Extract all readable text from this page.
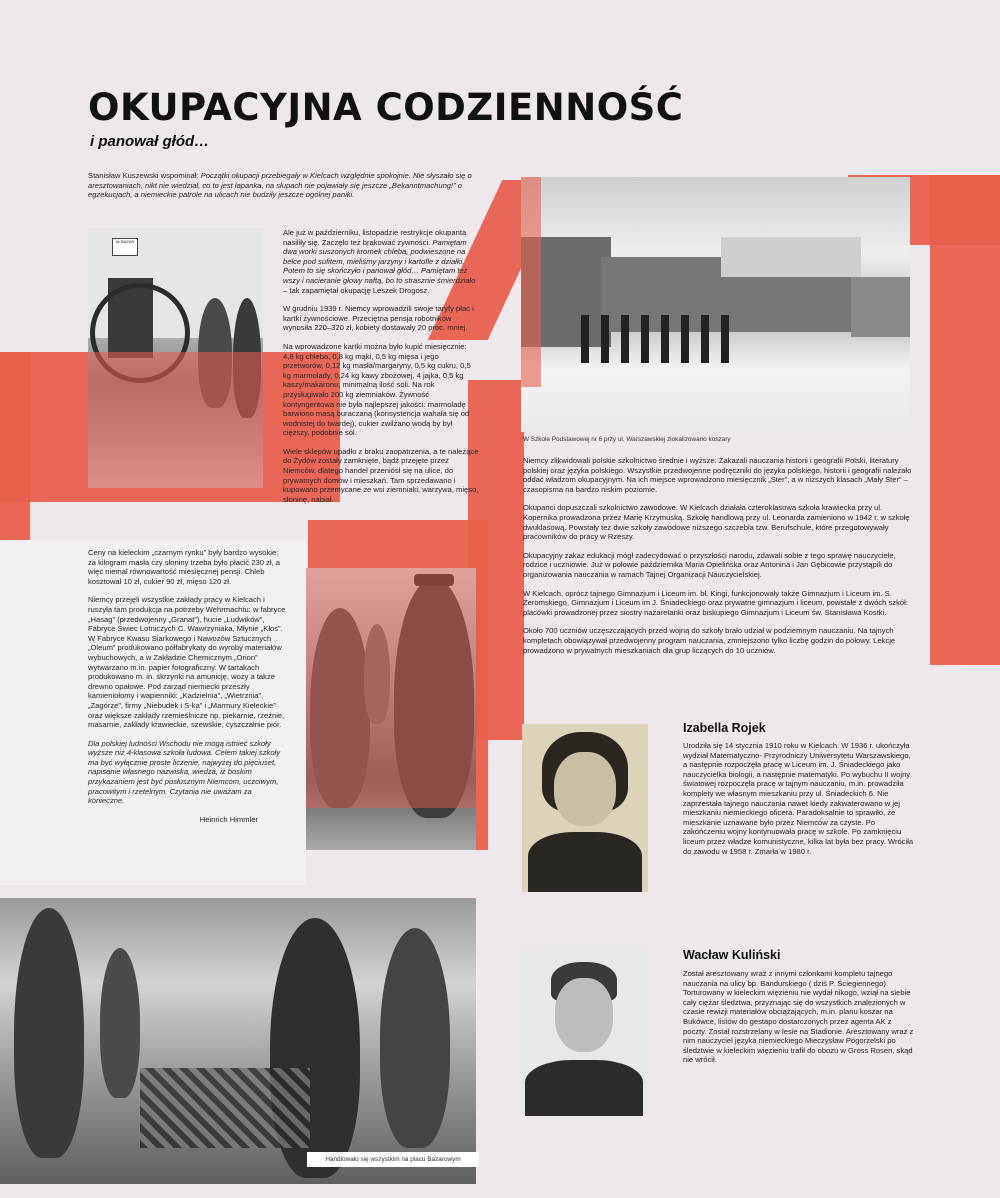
OKUPACYJNA CODZIENNOŚĆ

i panował głód…

Stanisław Kuszewski wspominał: Początki okupacji przebiegały w Kielcach względnie spokojnie. Nie słyszało się o aresztowaniach, nikt nie wiedział, co to jest łapanka, na słupach nie pojawiały się jeszcze „Bekanntmachung!” o egzekucjach, a niemieckie patrole na ulicach nie budziły jeszcze ogólnej paniki.

Nr BAZAR

Ale już w październiku, listopadzie restrykcje okupanta nasiliły się. Zaczęło też brakować żywności. Pamiętam dwa worki suszonych kromek chleba, podwieszone na belce pod sufitem, mieliśmy jarzyny i kartofle z działki. Potem to się skończyło i panował głód… Pamiętam też wszy i nacieranie głowy naftą, bo to strasznie śmierdziało – tak zapamiętał okupację Leszek Drogosz.

W grudniu 1939 r. Niemcy wprowadzili swoje taryfy płac i kartki żywnościowe. Przeciętna pensja robotników wynosiła 220–320 zł, kobiety dostawały 20 proc. mniej.

Na wprowadzone kartki można było kupić miesięcznie: 4,8 kg chleba, 0,8 kg mąki, 0,5 kg mięsa i jego przetworów, 0,12 kg masła/margaryny, 0,5 kg cukru, 0,5 kg marmolady, 0,24 kg kawy zbożowej, 4 jajka, 0,5 kg kaszy/makaronu, minimalną ilość soli. Na rok przysługiwało 200 kg ziemniaków. Żywność kontyngentowa nie była najlepszej jakości: marmoladę barwiono masą buraczaną (konsystencja wahała się od wodnistej do twardej), cukier zwilżano wodą by był cięższy, podobnie sól.

Wiele sklepów upadło z braku zaopatrzenia, a te należące do Żydów zostały zamknięte, bądź przejęte przez Niemców, dlatego handel przeniósł się na ulice, do prywatnych domów i mieszkań. Tam sprzedawano i kupowano przemycane ze wsi ziemniaki, warzywa, mięso, słoninę, nabiał.

Ceny na kieleckim „czarnym rynku” były bardzo wysokie: za kilogram masła czy słoniny trzeba było płacić 230 zł, a więc niemal równowartość miesięcznej pensji. Chleb kosztował 10 zł, cukier 90 zł, mięso 120 zł.

Niemcy przejęli wszystkie zakłady pracy w Kielcach i ruszyła tam produkcja na potrzeby Wehrmachtu: w fabryce „Hasag” (przedwojenny „Granat”), hucie „Ludwików”, Fabryce Świec Lotniczych C. Wawrzyniaka, Młynie „Kłos”. W Fabryce Kwasu Siarkowego i Nawozów Sztucznych „Oleum” produkowano półfabrykaty do wyroby materiałów wybuchowych, a w Zakładzie Chemicznym „Orion” wytwarzano m.in. papier fotograficzny. W tartakach produkowano m. in. skrzynki na amunicję, wozy a także drewno opałowe. Pod zarząd niemiecki przeszły kamieniołomy i wapienniki: „Kadzielnia”, „Wietrznia”, „Zagórze”, firmy „Niebudek i S-ka” i „Marmury Kieleckie” oraz większe zakłady rzemieślnicze np. piekarnie, rzeźnie, masarnie, zakłady krawieckie, szewskie, cyszczalnie piór.

Dla polskiej ludności Wschodu nie mogą istnieć szkoły wyższe niż 4-klasowa szkoła ludowa. Celem takiej szkoły ma być wyłącznie proste liczenie, najwyżej do pięciuset, napisanie własnego nazwiska, wiedza, iż boskim przykazaniem jest być posłusznym Niemcom, uczciwym, pracowitym i rzetelnym. Czytania nie uważam za konieczne.

Heinrich Himmler

W Szkole Podstawowej nr 6 przy ul. Warszawskiej zlokalizowano koszary

Niemcy zlikwidowali polskie szkolnictwo średnie i wyższe. Zakazali nauczania historii i geografii Polski, literatury polskiej oraz języka polskiego. Wszystkie przedwojenne podręczniki do języka polskiego, historii i geografii należało oddać władzom okupacyjnym. Na ich miejsce wprowadzono miesięcznik „Ster”, a w niższych klasach „Mały Ster” – czasopisma na bardzo niskim poziomie.

Okupanci dopuszczali szkolnictwo zawodowe. W Kielcach działała czteroklasowa szkoła krawiecka przy ul. Kopernika prowadzona przez Marię Krzymuską. Szkołę handlową przy ul. Leonarda zamieniono w 1942 r. w szkołę dwuklasową. Powstały też dwie szkoły zawodowe niższego szczebla tzw. Berufschule, które przegotowywały pracowników do pracy w Rzeszy.

Okupacyjny zakaz edukacji mógł zadecydować o przyszłości narodu, zdawali sobie z tego sprawę nauczyciele, rodzice i uczniowie. Już w połowie października Maria Opielińska oraz Antonina i Jan Gębicowie przystąpili do organizowania nauczania w ramach Tajnej Organizacji Nauczycielskiej.

W Kielcach, oprócz tajnego Gimnazjum i Liceum im. bł. Kingi, funkcjonowały także Gimnazjum i Liceum im. S. Żeromskiego, Gimnazjum i Liceum im J. Śniadeckiego oraz prywatne gimnazjum i liceum, powstałe z dwóch szkół: placówki prowadzonej przez siostry nazaretanki oraz biskupiego Gimnazjum i Liceum św. Stanisława Kostki.

Około 700 uczniów uczęszczających przed wojną do szkoły brało udział w podziemnym nauczaniu. Na tajnych kompletach obowiązywał przedwojenny program nauczania, zmniejszono tylko liczbę godzin do połowy. Lekcje prowadzono w prywatnych mieszkaniach dla grup liczących do 10 uczniów.

Izabella Rojek

Urodziła się 14 stycznia 1910 roku w Kielcach. W 1936 r. ukończyła wydział Matematyczno- Przyrodniczy Uniwersytetu Warszawskiego, a następnie rozpoczęła pracę w Liceum im. J. Śniadeckiego jako nauczycielka biologii, a następnie matematyki. Po wybuchu II wojny światowej rozpoczęła pracę w tajnym nauczaniu, m.in. prowadziła komplety we własnym mieszkaniu przy ul. Śniadeckich 6. Nie zaprzestała tajnego nauczania nawet kiedy zakwaterowano w jej mieszkaniu niemieckiego oficera. Paradoksalnie to sprawiło, że mieszkanie uznawane było przez Niemców za czyste. Po zakończeniu wojny kontynuowała pracę w szkole. Po zamknięciu liceum przez władze komunistyczne, kilka lat była bez pracy. Wróciła do zawodu w 1958 r. Zmarła w 1980 r.

Wacław Kuliński

Został aresztowany wraz z innymi członkami kompletu tajnego nauczania na ulicy bp. Bandurskiego ( dziś P. Ściegiennego). Torturowany w kieleckim więzieniu nie wydał nikogo, wziął na siebie cały ciężar śledztwa, przyznając się do wszystkich znalezionych w czasie rewizji materiałów obciążających, m.in. planu koszar na Bukówce, listów do gestapo dostarczonych przez agenta AK z poczty. Został rozstrzelany w lesie na Stadionie. Aresztowany wraz z nim nauczyciel języka niemieckiego Mieczysław Pogorzelski po śledztwie w kieleckim więzieniu trafił do obozu w Gross Rosen, skąd nie wrócił.

Handlowało się wszystkim na placu Bazarowym
